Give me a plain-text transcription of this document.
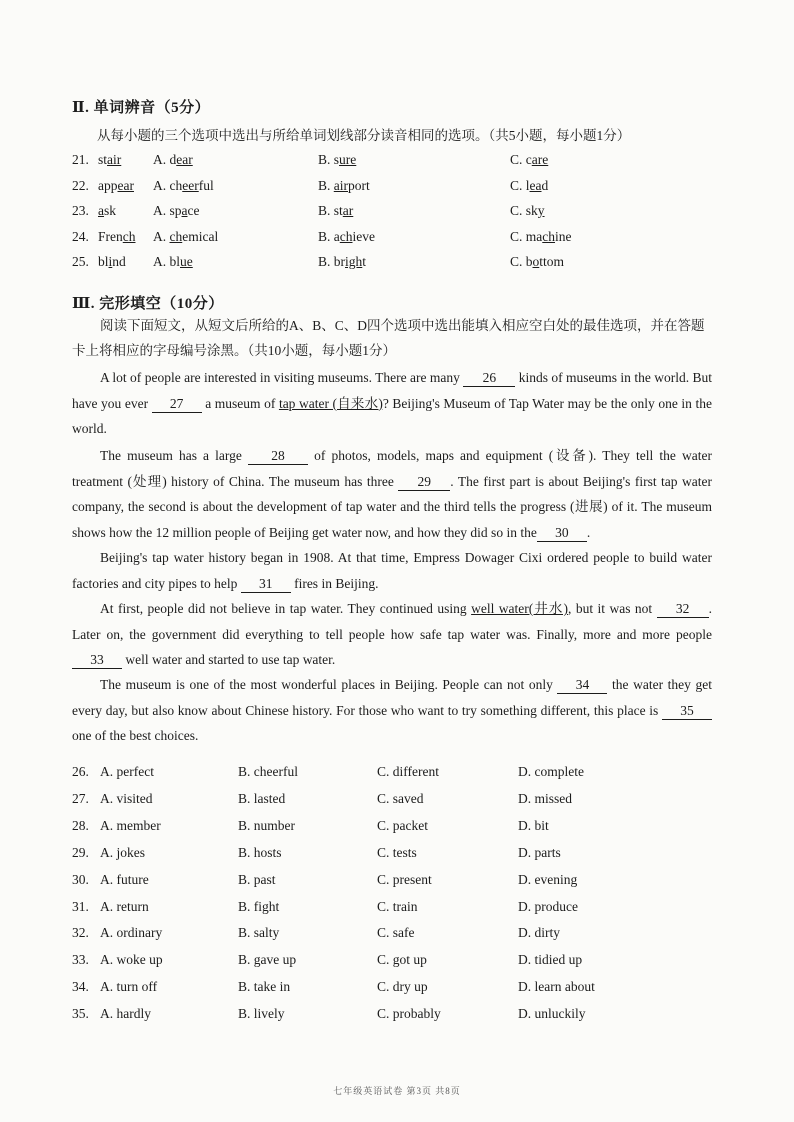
Ⅱ. 单词辨音（5分）
从每小题的三个选项中选出与所给单词划线部分读音相同的选项。（共5小题，每小题1分）
21. stair A. dear	B. sure	C. care
22. appear A. cheerful	B. airport	C. lead
23. ask	A. space	B. star	C. sky
24. French A. chemical	B. achieve	C. machine
25. blind A. blue	B. bright	C. bottom
Ⅲ. 完形填空（10分）
阅读下面短文，从短文后所给的A、B、C、D四个选项中选出能填入相应空白处的最佳选项，并在答题卡上将相应的字母编号涂黑。（共10小题，每小题1分）
A lot of people are interested in visiting museums. There are many 26 kinds of museums in the world. But have you ever 27 a museum of tap water (自来水)? Beijing's Museum of Tap Water may be the only one in the world.
The museum has a large 28 of photos, models, maps and equipment (设备). They tell the water treatment (处理) history of China. The museum has three 29 . The first part is about Beijing's first tap water company, the second is about the development of tap water and the third tells the progress (进展) of it. The museum shows how the 12 million people of Beijing get water now, and how they did so in the 30 .
Beijing's tap water history began in 1908. At that time, Empress Dowager Cixi ordered people to build water factories and city pipes to help 31 fires in Beijing.
At first, people did not believe in tap water. They continued using well water(井水), but it was not 32 . Later on, the government did everything to tell people how safe tap water was. Finally, more and more people 33 well water and started to use tap water.
The museum is one of the most wonderful places in Beijing. People can not only 34 the water they get every day, but also know about Chinese history. For those who want to try something different, this place is 35 one of the best choices.
26. A. perfect	B. cheerful	C. different	D. complete
27. A. visited	B. lasted	C. saved	D. missed
28. A. member	B. number	C. packet	D. bit
29. A. jokes	B. hosts	C. tests	D. parts
30. A. future	B. past	C. present	D. evening
31. A. return	B. fight	C. train	D. produce
32. A. ordinary	B. salty	C. safe	D. dirty
33. A. woke up	B. gave up	C. got up	D. tidied up
34. A. turn off	B. take in	C. dry up	D. learn about
35. A. hardly	B. lively	C. probably	D. unluckily
七年级英语试卷 第3页 共8页
